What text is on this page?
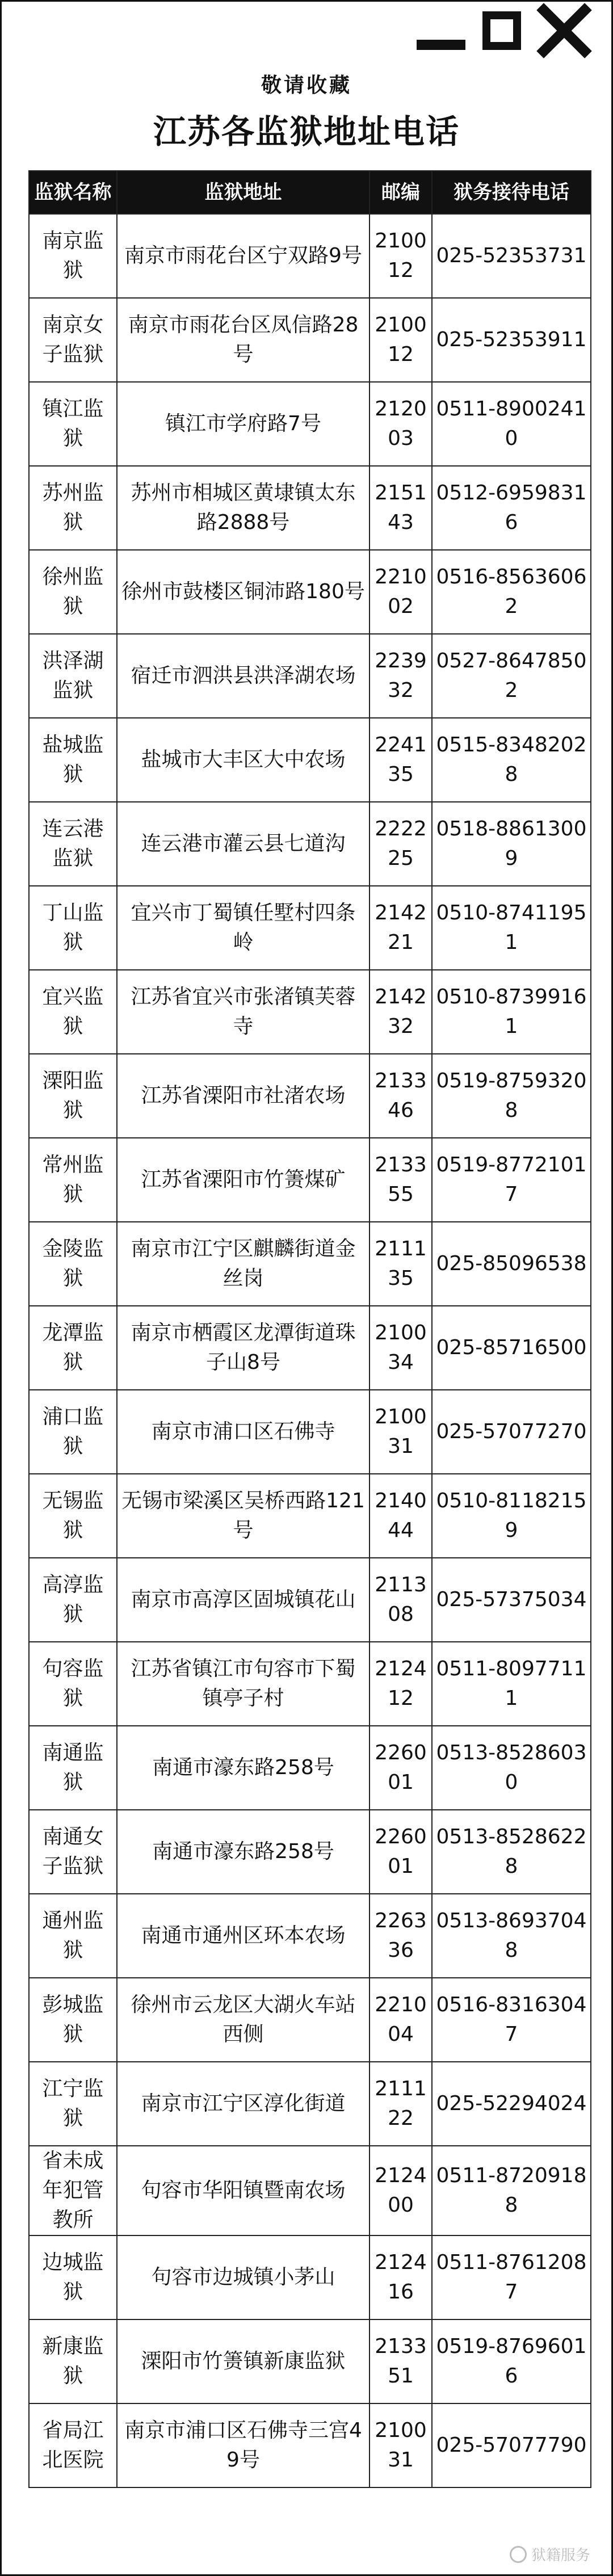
敬请收藏
江苏各监狱地址电话
监狱名称	监狱地址	邮编	狱务接待电话
南京监狱	南京市雨花台区宁双路9号	210012	025-52353731
南京女子监狱	南京市雨花台区凤信路28号	210012	025-52353911
镇江监狱	镇江市学府路7号	212003	0511-89002410
苏州监狱	苏州市相城区黄埭镇太东路2888号	215143	0512-69598316
徐州监狱	徐州市鼓楼区铜沛路180号	221002	0516-85636062
洪泽湖监狱	宿迁市泗洪县洪泽湖农场	223932	0527-86478502
盐城监狱	盐城市大丰区大中农场	224135	0515-83482028
连云港监狱	连云港市灌云县七道沟	222225	0518-88613009
丁山监狱	宜兴市丁蜀镇任墅村四条岭	214221	0510-87411951
宜兴监狱	江苏省宜兴市张渚镇芙蓉寺	214232	0510-87399161
溧阳监狱	江苏省溧阳市社渚农场	213346	0519-87593208
常州监狱	江苏省溧阳市竹箦煤矿	213355	0519-87721017
金陵监狱	南京市江宁区麒麟街道金丝岗	211135	025-85096538
龙潭监狱	南京市栖霞区龙潭街道珠子山8号	210034	025-85716500
浦口监狱	南京市浦口区石佛寺	210031	025-57077270
无锡监狱	无锡市梁溪区吴桥西路121号	214044	0510-81182159
高淳监狱	南京市高淳区固城镇花山	211308	025-57375034
句容监狱	江苏省镇江市句容市下蜀镇亭子村	212412	0511-80977111
南通监狱	南通市濠东路258号	226001	0513-85286030
南通女子监狱	南通市濠东路258号	226001	0513-85286228
通州监狱	南通市通州区环本农场	226336	0513-86937048
彭城监狱	徐州市云龙区大湖火车站西侧	221004	0516-83163047
江宁监狱	南京市江宁区淳化街道	211122	025-52294024
省未成年犯管教所	句容市华阳镇暨南农场	212400	0511-87209188
边城监狱	句容市边城镇小茅山	212416	0511-87612087
新康监狱	溧阳市竹箦镇新康监狱	213351	0519-87696016
省局江北医院	南京市浦口区石佛寺三宫49号	210031	025-57077790
狱籍服务
